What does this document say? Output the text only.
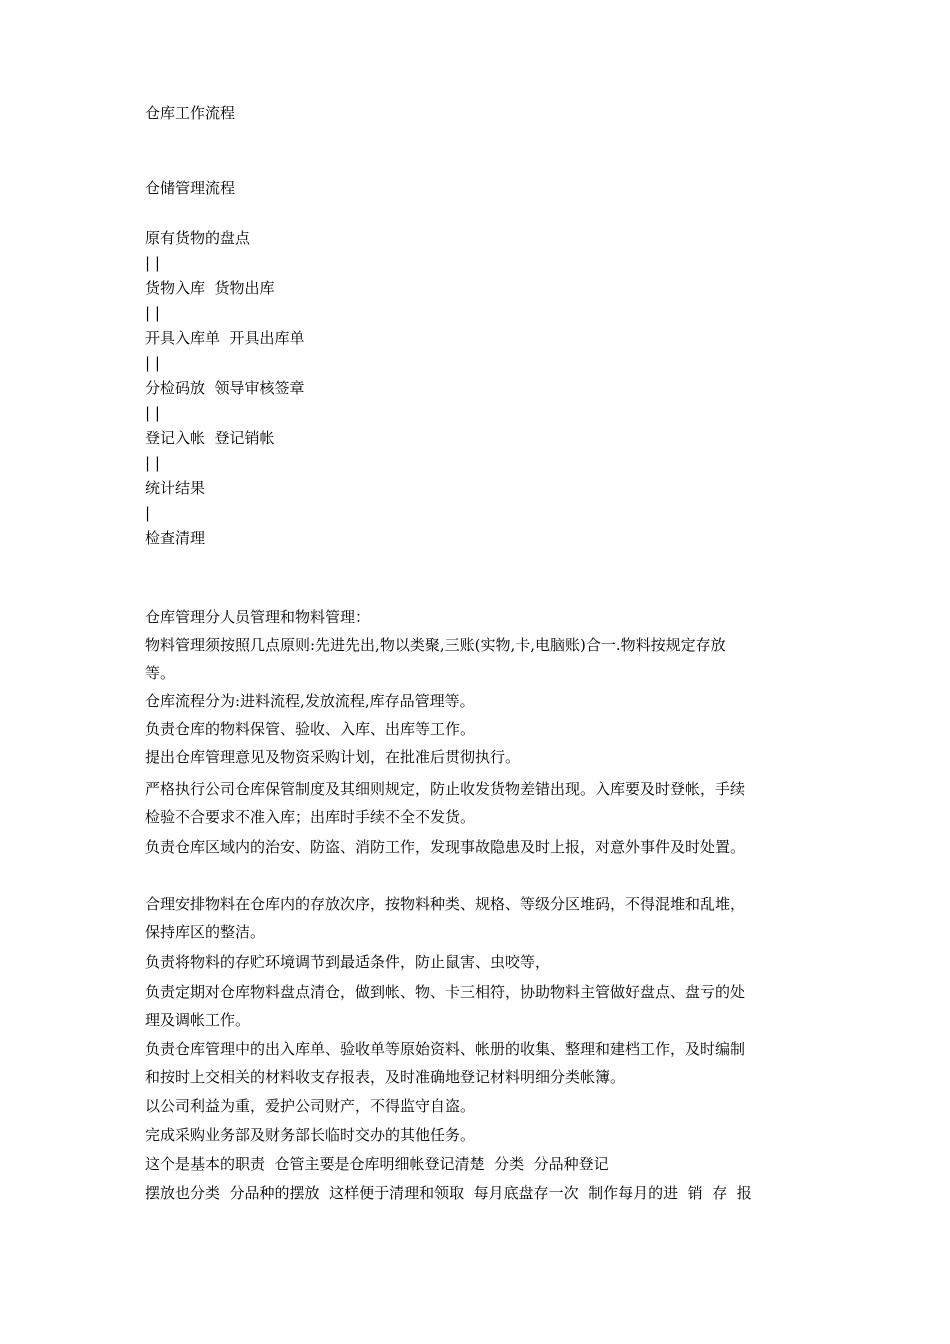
仓库工作流程
仓储管理流程
原有货物的盘点
| |
货物入库  货物出库
| |
开具入库单  开具出库单
| |
分检码放  领导审核签章
| |
登记入帐  登记销帐
| |
统计结果
|
检查清理
仓库管理分人员管理和物料管理：
物料管理须按照几点原则:先进先出,物以类聚,三账(实物,卡,电脑账)合一.物料按规定存放
等。
仓库流程分为:进料流程,发放流程,库存品管理等。
负责仓库的物料保管、验收、入库、出库等工作。
提出仓库管理意见及物资采购计划，在批准后贯彻执行。
严格执行公司仓库保管制度及其细则规定，防止收发货物差错出现。入库要及时登帐，手续
检验不合要求不准入库；出库时手续不全不发货。
负责仓库区域内的治安、防盗、消防工作，发现事故隐患及时上报，对意外事件及时处置。
合理安排物料在仓库内的存放次序，按物料种类、规格、等级分区堆码，不得混堆和乱堆，
保持库区的整洁。
负责将物料的存贮环境调节到最适条件，防止鼠害、虫咬等，
负责定期对仓库物料盘点清仓，做到帐、物、卡三相符，协助物料主管做好盘点、盘亏的处
理及调帐工作。
负责仓库管理中的出入库单、验收单等原始资料、帐册的收集、整理和建档工作，及时编制
和按时上交相关的材料收支存报表，及时准确地登记材料明细分类帐簿。
以公司利益为重，爱护公司财产，不得监守自盗。
完成采购业务部及财务部长临时交办的其他任务。
这个是基本的职责  仓管主要是仓库明细帐登记清楚  分类  分品种登记
摆放也分类  分品种的摆放  这样便于清理和领取  每月底盘存一次  制作每月的进  销  存  报
